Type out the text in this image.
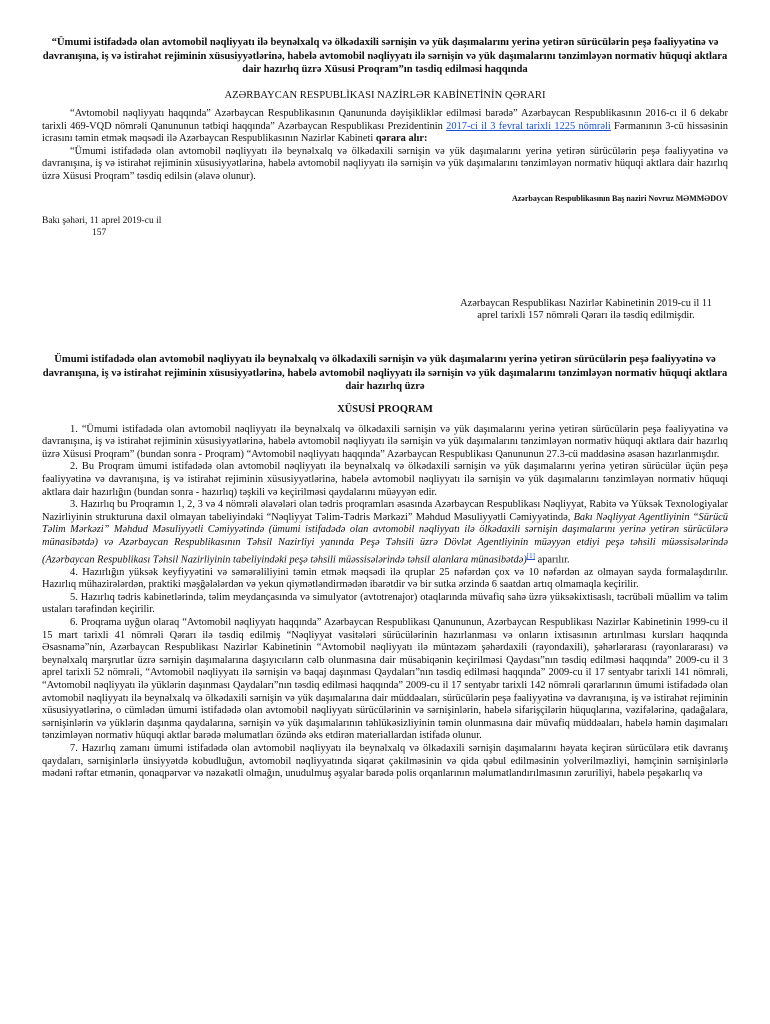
“Ümumi istifadədə olan avtomobil nəqliyyatı ilə beynəlxalq və ölkədaxili sərnişin və yük daşımalarını yerinə yetirən sürücülərin peşə fəaliyyətinə və davranışına, iş və istirahət rejiminin xüsusiyyətlərinə, habelə avtomobil nəqliyyatı ilə sərnişin və yük daşımalarını tənzimləyən normativ hüquqi aktlara dair hazırlıq üzrə Xüsusi Proqram”ın təsdiq edilməsi haqqında

AZƏRBAYCAN RESPUBLİKASI NAZİRLƏR KABİNETİNİN QƏRARI

“Avtomobil nəqliyyatı haqqında” Azərbaycan Respublikasının Qanununda dəyişikliklər edilməsi barədə” Azərbaycan Respublikasının 2016-cı il 6 dekabr tarixli 469-VQD nömrəli Qanununun tətbiqi haqqında” Azərbaycan Respublikası Prezidentinin 2017-ci il 3 fevral tarixli 1225 nömrəli Fərmanının 3-cü hissəsinin icrasını təmin etmək məqsədi ilə Azərbaycan Respublikasının Nazirlər Kabineti qərara alır:

“Ümumi istifadədə olan avtomobil nəqliyyatı ilə beynəlxalq və ölkədaxili sərnişin və yük daşımalarını yerinə yetirən sürücülərin peşə fəaliyyətinə və davranışına, iş və istirahət rejiminin xüsusiyyətlərinə, habelə avtomobil nəqliyyatı ilə sərnişin və yük daşımalarını tənzimləyən normativ hüquqi aktlara dair hazırlıq üzrə Xüsusi Proqram” təsdiq edilsin (əlavə olunur).

Azərbaycan Respublikasının Baş naziri Novruz MƏMMƏDOV
Bakı şəhəri, 11 aprel 2019-cu il
157
Azərbaycan Respublikası Nazirlər Kabinetinin 2019-cu il 11 aprel tarixli 157 nömrəli Qərarı ilə təsdiq edilmişdir.

Ümumi istifadədə olan avtomobil nəqliyyatı ilə beynəlxalq və ölkədaxili sərnişin və yük daşımalarını yerinə yetirən sürücülərin peşə fəaliyyətinə və davranışına, iş və istirahət rejiminin xüsusiyyətlərinə, habelə avtomobil nəqliyyatı ilə sərnişin və yük daşımalarını tənzimləyən normativ hüquqi aktlara dair hazırlıq üzrə

XÜSUSİ PROQRAM

1. “Ümumi istifadədə olan avtomobil nəqliyyatı ilə beynəlxalq və ölkədaxili sərnişin və yük daşımalarını yerinə yetirən sürücülərin peşə fəaliyyətinə və davranışına, iş və istirahət rejiminin xüsusiyyətlərinə, habelə avtomobil nəqliyyatı ilə sərnişin və yük daşımalarını tənzimləyən normativ hüquqi aktlara dair hazırlıq üzrə Xüsusi Proqram” (bundan sonra - Proqram) “Avtomobil nəqliyyatı haqqında” Azərbaycan Respublikası Qanununun 27.3-cü maddəsinə əsasən hazırlanmışdır.

2. Bu Proqram ümumi istifadədə olan avtomobil nəqliyyatı ilə beynəlxalq və ölkədaxili sərnişin və yük daşımalarını yerinə yetirən sürücülər üçün peşə fəaliyyətinə və davranışına, iş və istirahət rejiminin xüsusiyyətlərinə, habelə avtomobil nəqliyyatı ilə sərnişin və yük daşımalarını tənzimləyən normativ hüquqi aktlara dair hazırlığın (bundan sonra - hazırlıq) təşkili və keçirilməsi qaydalarını müəyyən edir.

3. Hazırlıq bu Proqramın 1, 2, 3 və 4 nömrəli əlavələri olan tədris proqramları əsasında Azərbaycan Respublikası Nəqliyyat, Rabitə və Yüksək Texnologiyalar Nazirliyinin strukturuna daxil olmayan tabeliyindəki “Nəqliyyat Təlim-Tədris Mərkəzi” Məhdud Məsuliyyətli Cəmiyyətində, Bakı Nəqliyyat Agentliyinin “Sürücü Təlim Mərkəzi” Məhdud Məsuliyyətli Cəmiyyətində (ümumi istifadədə olan avtomobil nəqliyyatı ilə ölkədaxili sərnişin daşımalarını yerinə yetirən sürücülərə münasibətdə) və Azərbaycan Respublikasının Təhsil Nazirliyi yanında Peşə Təhsili üzrə Dövlət Agentliyinin müəyyən etdiyi peşə təhsili müəssisələrində (Azərbaycan Respublikası Təhsil Nazirliyinin tabeliyindəki peşə təhsili müəssisələrində təhsil alanlara münasibətdə)[1] aparılır.

4. Hazırlığın yüksək keyfiyyətini və səmərəliliyini təmin etmək məqsədi ilə qruplar 25 nəfərdən çox və 10 nəfərdən az olmayan sayda formalaşdırılır. Hazırlıq mühazirələrdən, praktiki məşğələlərdən və yekun qiymətləndirmədən ibarətdir və bir sutka ərzində 6 saatdan artıq olmamaqla keçirilir.

5. Hazırlıq tədris kabinetlərində, təlim meydançasında və simulyator (avtotrenajor) otaqlarında müvafiq sahə üzrə yüksəkixtisaslı, təcrübəli müəllim və təlim ustaları tərəfindən keçirilir.

6. Proqrama uyğun olaraq “Avtomobil nəqliyyatı haqqında” Azərbaycan Respublikası Qanununun, Azərbaycan Respublikası Nazirlər Kabinetinin 1999-cu il 15 mart tarixli 41 nömrəli Qərarı ilə təsdiq edilmiş “Nəqliyyat vasitələri sürücülərinin hazırlanması və onların ixtisasının artırılması kursları haqqında Əsasnamə”nin, Azərbaycan Respublikası Nazirlər Kabinetinin “Avtomobil nəqliyyatı ilə müntəzəm şəhərdaxili (rayondaxili), şəhərlərarası (rayonlararası) və beynəlxalq marşrutlar üzrə sərnişin daşımalarına daşıyıcıların cəlb olunmasına dair müsabiqənin keçirilməsi Qaydası”nın təsdiq edilməsi haqqında” 2009-cu il 3 aprel tarixli 52 nömrəli, “Avtomobil nəqliyyatı ilə sərnişin və baqaj daşınması Qaydaları”nın təsdiq edilməsi haqqında” 2009-cu il 17 sentyabr tarixli 141 nömrəli, “Avtomobil nəqliyyatı ilə yüklərin daşınması Qaydaları”nın təsdiq edilməsi haqqında” 2009-cu il 17 sentyabr tarixli 142 nömrəli qərarlarının ümumi istifadədə olan avtomobil nəqliyyatı ilə beynəlxalq və ölkədaxili sərnişin və yük daşımalarına dair müddəaları, sürücülərin peşə fəaliyyətinə və davranışına, iş və istirahət rejiminin xüsusiyyətlərinə, o cümlədən ümumi istifadədə olan avtomobil nəqliyyatı sürücülərinin və sərnişinlərin, habelə sifarişçilərin hüquqlarına, vəzifələrinə, qadağalara, sərnişinlərin və yüklərin daşınma qaydalarına, sərnişin və yük daşımalarının təhlükəsizliyinin təmin olunmasına dair müvafiq müddəaları, habelə həmin daşımaları tənzimləyən normativ hüquqi aktlar barədə məlumatları özündə əks etdirən materiallardan istifadə olunur.

7. Hazırlıq zamanı ümumi istifadədə olan avtomobil nəqliyyatı ilə beynəlxalq və ölkədaxili sərnişin daşımalarını həyata keçirən sürücülərə etik davranış qaydaları, sərnişinlərlə ünsiyyətdə kobudluğun, avtomobil nəqliyyatında siqarət çəkilməsinin və qida qəbul edilməsinin yolverilməzliyi, həmçinin sərnişinlərlə mədəni rəftar etmənin, qonaqpərvər və nəzakətli olmağın, unudulmuş əşyalar barədə polis orqanlarının məlumatlandırılmasının zəruriliyi, habelə peşəkarlıq və
